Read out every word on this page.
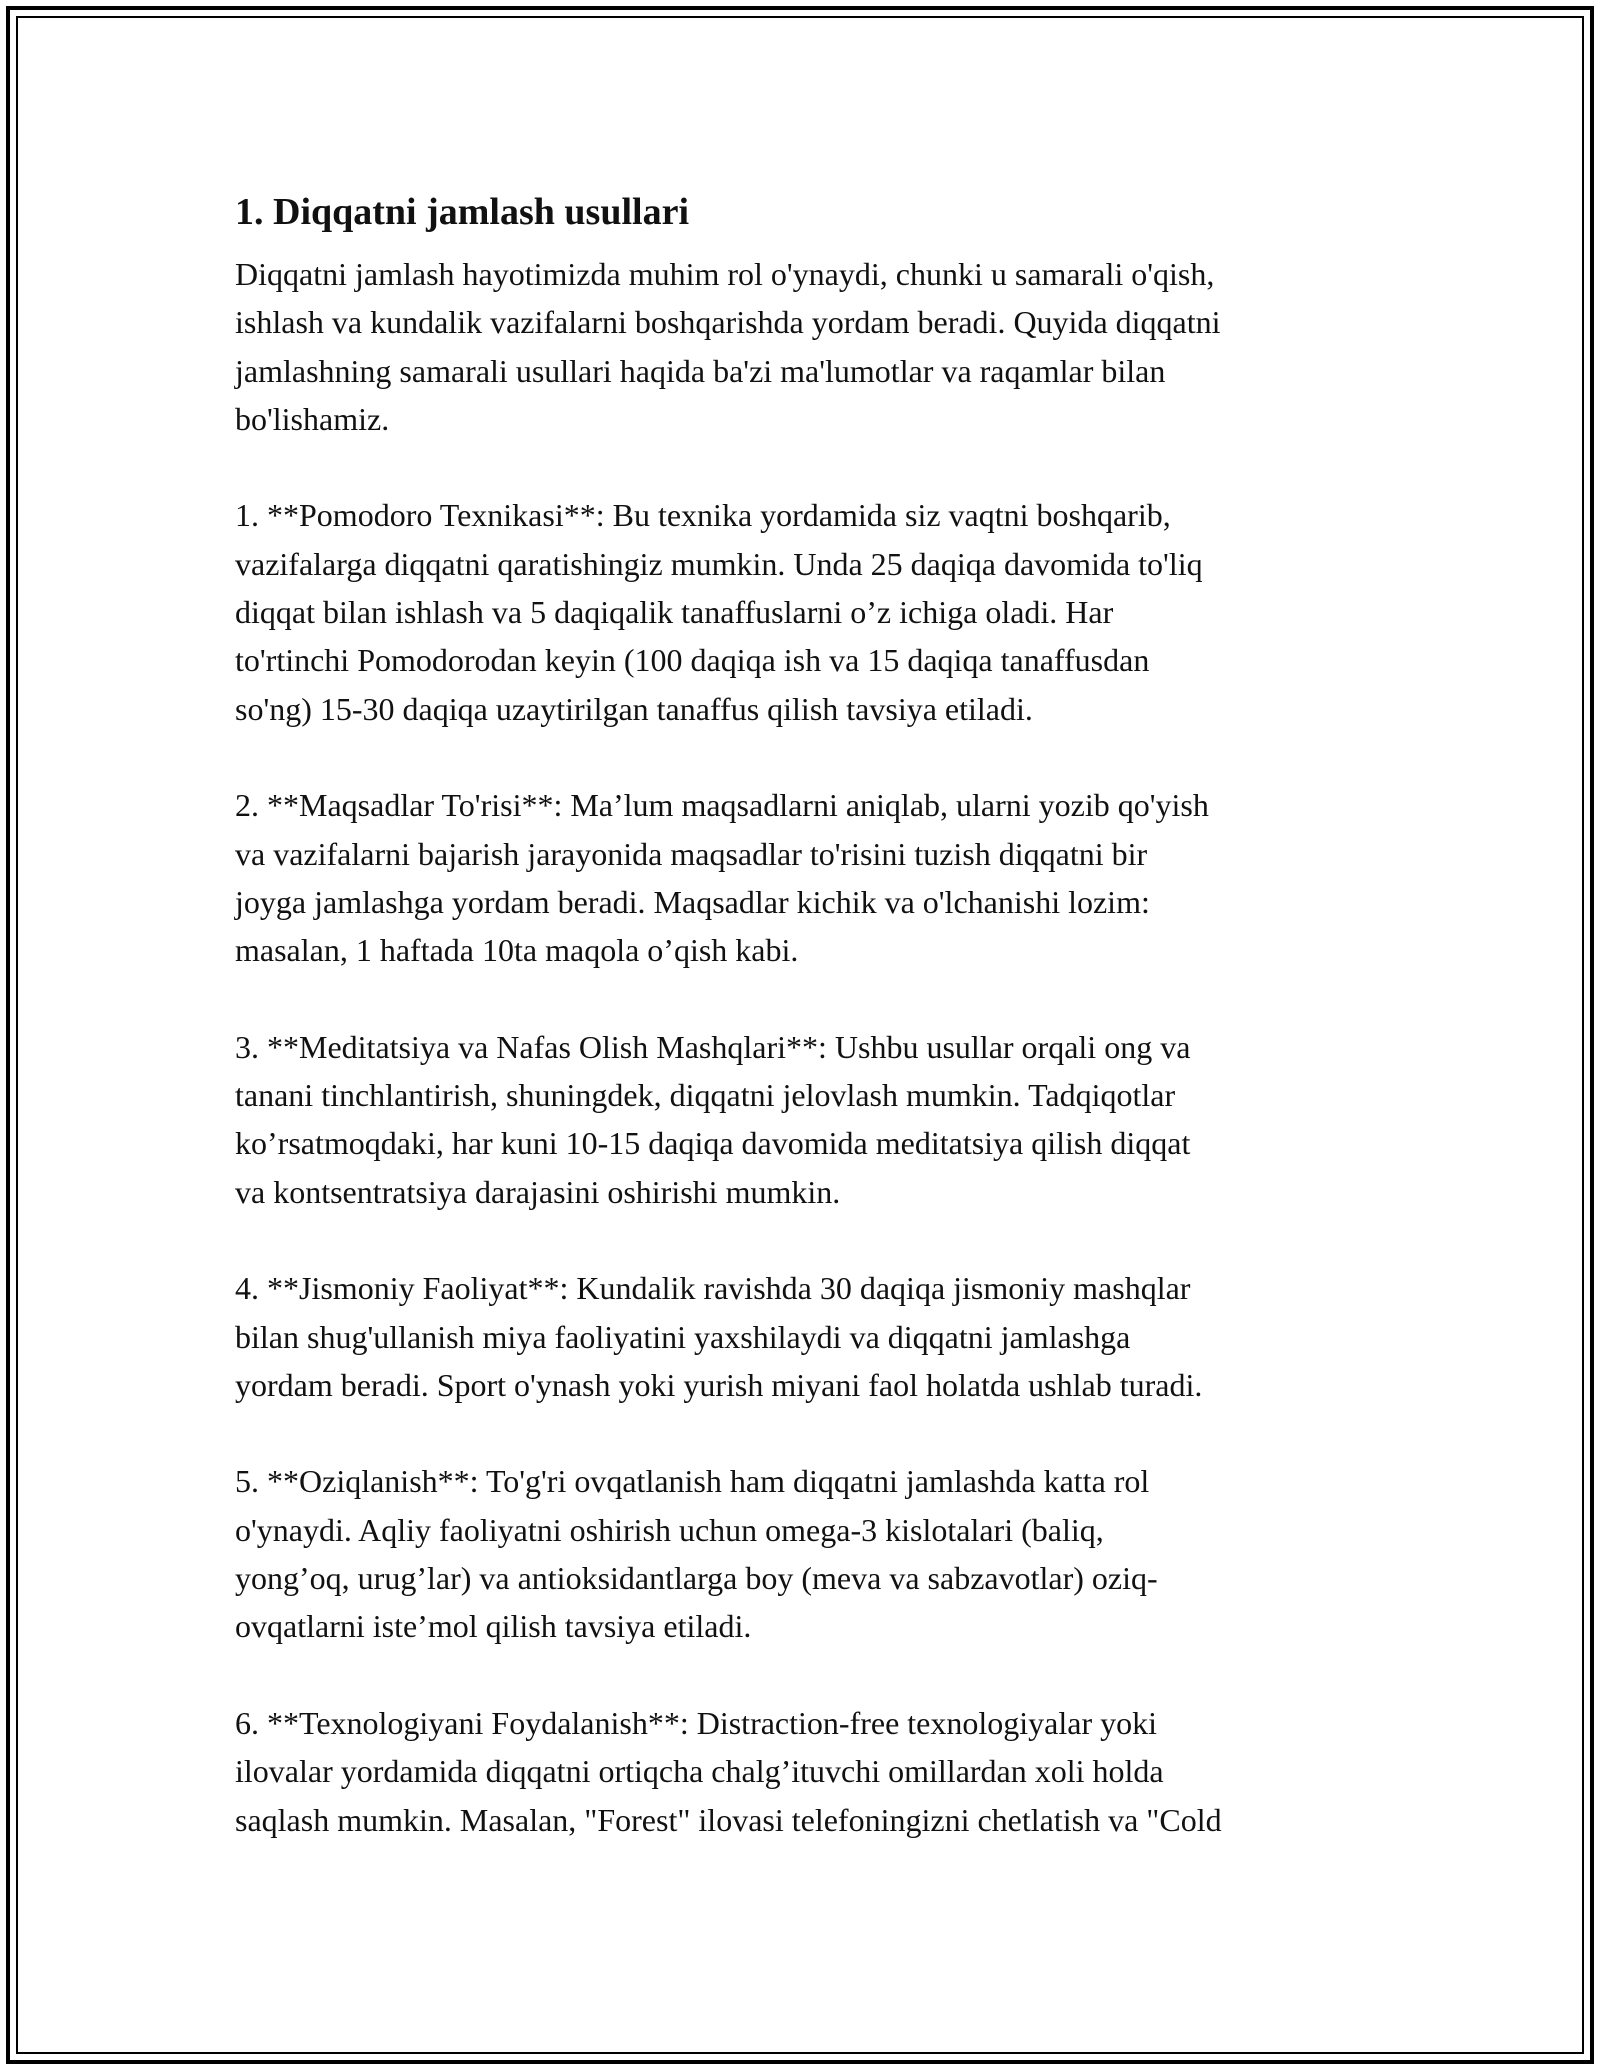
1. Diqqatni jamlash usullari

Diqqatni jamlash hayotimizda muhim rol o'ynaydi, chunki u samarali o'qish,
ishlash va kundalik vazifalarni boshqarishda yordam beradi. Quyida diqqatni
jamlashning samarali usullari haqida ba'zi ma'lumotlar va raqamlar bilan
bo'lishamiz.

1. **Pomodoro Texnikasi**: Bu texnika yordamida siz vaqtni boshqarib,
vazifalarga diqqatni qaratishingiz mumkin. Unda 25 daqiqa davomida to'liq
diqqat bilan ishlash va 5 daqiqalik tanaffuslarni o’z ichiga oladi. Har
to'rtinchi Pomodorodan keyin (100 daqiqa ish va 15 daqiqa tanaffusdan
so'ng) 15-30 daqiqa uzaytirilgan tanaffus qilish tavsiya etiladi.

2. **Maqsadlar To'risi**: Ma’lum maqsadlarni aniqlab, ularni yozib qo'yish
va vazifalarni bajarish jarayonida maqsadlar to'risini tuzish diqqatni bir
joyga jamlashga yordam beradi. Maqsadlar kichik va o'lchanishi lozim:
masalan, 1 haftada 10ta maqola o’qish kabi.

3. **Meditatsiya va Nafas Olish Mashqlari**: Ushbu usullar orqali ong va
tanani tinchlantirish, shuningdek, diqqatni jelovlash mumkin. Tadqiqotlar
ko’rsatmoqdaki, har kuni 10-15 daqiqa davomida meditatsiya qilish diqqat
va kontsentratsiya darajasini oshirishi mumkin.

4. **Jismoniy Faoliyat**: Kundalik ravishda 30 daqiqa jismoniy mashqlar
bilan shug'ullanish miya faoliyatini yaxshilaydi va diqqatni jamlashga
yordam beradi. Sport o'ynash yoki yurish miyani faol holatda ushlab turadi.

5. **Oziqlanish**: To'g'ri ovqatlanish ham diqqatni jamlashda katta rol
o'ynaydi. Aqliy faoliyatni oshirish uchun omega-3 kislotalari (baliq,
yong’oq, urug’lar) va antioksidantlarga boy (meva va sabzavotlar) oziq-
ovqatlarni iste’mol qilish tavsiya etiladi.

6. **Texnologiyani Foydalanish**: Distraction-free texnologiyalar yoki
ilovalar yordamida diqqatni ortiqcha chalg’ituvchi omillardan xoli holda
saqlash mumkin. Masalan, "Forest" ilovasi telefoningizni chetlatish va "Cold
